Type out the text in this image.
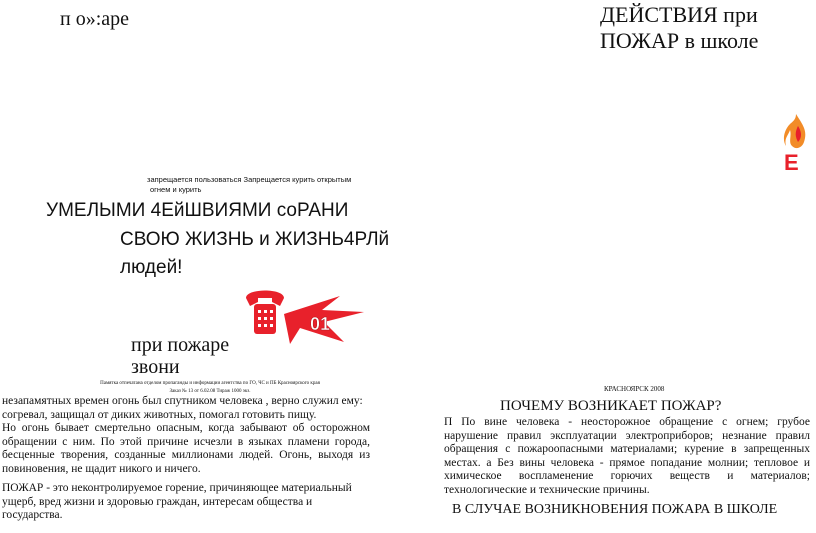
п о»:аре	ДЕЙСТВИЯ при
ПОЖАР в школе
E
запрещается пользоваться Запрещается курить открытым
огнем и курить
УМЕЛЫМИ 4ЕйШВИЯМИ соРАНИ
СВОЮ ЖИЗНЬ и ЖИЗНЬ4РЛй
людей!
01
при пожаре
звони
Памятка отпечатана отделом пропаганды и информации агентства по ГО, ЧС и ПБ Красноярского края
Заказ № 13 от 6.02.08 Тираж 1000 экз.
незапамятных времен огонь был спутником человека , верно служил ему: согревал, защищал от диких животных, помогал готовить пищу.
Но огонь бывает смертельно опасным, когда забывают об осторожном обращении с ним. По этой причине исчезли в языках пламени города, бесценные творения, созданные миллионами людей. Огонь, выходя из повиновения, не щадит никого и ничего.
ПОЖАР - это неконтролируемое горение, причиняющее материальный ущерб, вред жизни и здоровью граждан, интересам общества и государства.
КРАСНОЯРСК 2008
ПОЧЕМУ ВОЗНИКАЕТ ПОЖАР?
П По вине человека - неосторожное обращение с огнем; грубое нарушение правил эксплуатации электроприборов; незнание правил обращения с пожароопасными материалами; курение в запрещенных местах. а Без вины человека - прямое попадание молнии; тепловое и химическое воспламенение горючих веществ и материалов; технологические и технические причины.
В СЛУЧАЕ ВОЗНИКНОВЕНИЯ ПОЖАРА В ШКОЛЕ
